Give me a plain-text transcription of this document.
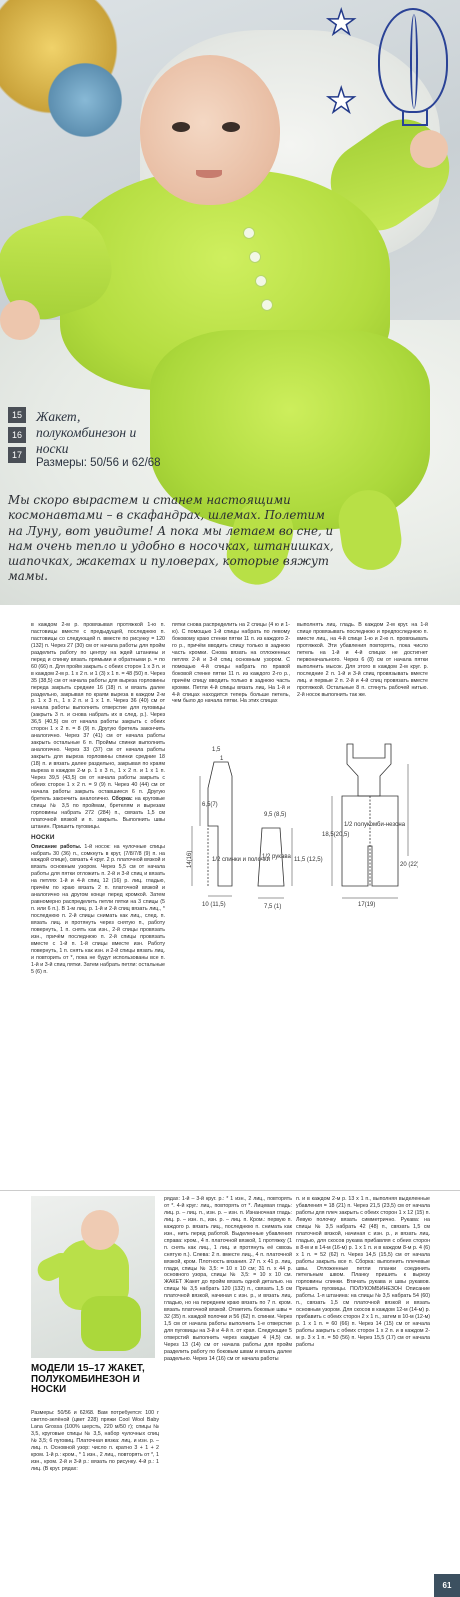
★
★
15
16
17
Жакет, полукомбинезон и носки
Размеры: 50/56 и 62/68
Мы скоро вырастем и станем настоящими космонавтами – в скафандрах, шлемах. Полетим на Луну, вот увидите! А пока мы летаем во сне, и нам очень тепло и удобно в носочках, штанишках, шапочках, жакетах и пуловерах, которые вяжут мамы.
в каждом 2-м р. провязывая протяжкой 1-ю п. пастовицы вместе с предыдущей, последнюю п. пастовицы со следующей п. вместе по рисунку = 120 (132) п. Через 27 (30) см от начала работы для пройм разделить работу по центру на ждей штанины и перед и спинку вязать прямыми и обратными р. = по 60 (66) п. Для пройм закрыть с обеих сторон 1 х 3 п. и в каждом 2-м р. 1 х 2 п. и 1 (3) х 1 п. = 48 (50) п. Через 35 (38,5) см от начала работы для выреза горловины переда закрыть средние 16 (18) п. и вязать далее раздельно, закрывая по краям выреза в каждом 2-м р. 1 х 3 п., 1 х 2 п. и 1 х 1 п. Через 36 (40) см от начала работы выполнить отверстие для пуговицы (закрыть 3 п. и снова набрать их в след. р.). Через 36,5 (40,5) см от начала работы закрыть с обеих сторон 1 х 2 п. = 8 (9) п. Другую бретель закончить аналогично. Через 37 (41) см от начала работы закрыть остальные 6 п. Проймы спинки выполнить аналогично. Через 33 (37) см от начала работы закрыть для выреза горловины спинки средние 18 (18) п. и вязать далее раздельно, закрывая по краям выреза в каждом 2-м р. 1 х 3 п., 1 х 2 п. и 1 х 1 п. Через 39,5 (43,5) см от начала работы закрыть с обеих сторон 1 х 2 п. = 9 (9) п. Через 40 (44) см от начала работы закрыть оставшиеся 6 п. Другую бретель закончить аналогично. Сборка: на круговые спицы № 3,5 по проймам, бретелям и вырезам горловины набрать 272 (284) п., связать 1,5 см платочной вязкой и п. закрыть. Выполнить швы штанин. Пришить пуговицы.
НОСКИ
Описание работы. 1-й носок: на чулочные спицы набрать 30 (36) п., сомкнуть в круг, (7/8/7/8 (9) п. на каждой спице), связать 4 круг. 2 р. платочной вязкой и вязать основным узором. Через 5,5 см от начала работы для пятки отложить п. 2-й и 3-й спиц и вязать на петлях 1-й и 4-й спиц 12 (16) р. лиц. гладью, причём по краю вязать 2 п. платочной вязкой и аналогично на другом конце перед кромкой. Затем равномерно распределить петли пятки на 3 спицы (5 п. или 6 п.). В 1-м лиц. р. 1-й и 2-й спиц вязать лиц., * последнюю п. 2-й спицы снимать как лиц., след. п. вязать лиц. и протянуть через снятую п., работу повернуть, 1 п. снять как изн., 2-й спицы провязать изн., причём последнюю п. 2-й спицы провязать вместе с 1-й п. 1-й спицы вместе изн. Работу повернуть, 1 п. снять как изн. и 2-й спицы вязать лиц. и повторить от *, пока не будут использованы все п. 1-й и 3-й спиц пятки. Затем набрать петли: остальные 5 (6) п.
пятки снова распределить на 2 спицы (4 ю и 1-ю). С помощью 1-й спицы набрать по левому боковому краю стенки пятки 11 п. из каждого 2-го р., причём вводить спицу только в заднюю часть кромки. Снова вязать на отложенных петлях 2-й и 3-й спиц основным узором. С помощью 4-й спицы набрать по правой боковой стенке пятки 11 п. из каждого 2-го р., причём спицу вводить только в заднюю часть кромки. Петли 4-й спицы вязать лиц. На 1-й и 4-й спицах находится теперь больше петель, чем было до начала пятки. На этих спицах
выполнять лиц. гладь. В каждом 2-м круг. на 1-й спице провязывать последнюю и предпоследнюю п. вместе лиц., на 4-й спице 1-ю и 2-ю п. провязывать протяжкой. Эти убавления повторять, пока число петель на 1-й и 4-й спицах не достигнет первоначального. Через 6 (8) см от начала пятки выполнить мысок. Для этого в каждом 2-м круг. р. последние 2 п. 1-й и 3-й спиц провязывать вместе лиц. и первые 2 п. 2-й и 4-й спиц провязать вместе протяжкой. Остальные 8 п. стянуть рабочей нитью. 2-й носок выполнить так же.
14(16)
6,5(7)
1
10 (11,5)
1,5
1/2 спинки и полочки
9,5 (8,5)
1/2 рукава
7,5 (1)
11,5 (12,5)
1/2 полукомби-незона
17(19)
18,5(20,5)
20 (22)
МОДЕЛИ 15–17 ЖАКЕТ, ПОЛУКОМБИНЕЗОН И НОСКИ
Размеры: 50/56 и 62/68. Вам потребуется: 100 г светло-зелёной (цвет 228) пряжи Cool Wool Baby Lana Grossa (100% шерсть, 220 м/50 г); спицы № 3,5, круговые спицы № 3,5, набор чулочных спиц № 3,5; 6 пуговиц. Платочная вязка: лиц. и изн. р. – лиц. п. Основной узор: число п. кратно 3 + 1 + 2 кром. 1-й р.: кром., * 1 изн., 2 лиц., повторять от *, 1 изн., кром. 2-й и 3-й р.: вязать по рисунку. 4-й р.: 1 лиц. (В круг. рядах:
рядах: 1-й – 3-й круг. р.: * 1 изн., 2 лиц., повторять от *. 4-й круг.: лиц., повторять от *. Лицевая гладь: лиц. р. – лиц. п., изн. р. – изн. п. Изнаночная гладь: лиц. р. – изн. п., изн. р. – лиц. п. Кром.: первую п. каждого р. вязать лиц., последнюю п. снимать как изн., нить перед работой. Выделенные убавления справа: кром., 4 п. платочной вязкой, 1 протяжку (1 п. снять как лиц., 1 лиц. и протянуть её сквозь снятую п.). Слева: 2 п. вместе лиц., 4 п. платочной вязкой, кром. Плотность вязания. 27 п. х 41 р. лиц. глади, спицы № 3,5: = 10 х 10 см; 31 п. х 44 р. основного узора, спицы № 3,5: = 10 х 10 см. ЖАКЕТ Жакет до пройм вязать одной деталью. на спицы № 3,5 набрать 120 (132) п., связать 1,5 см платочной вязкой, начиная с изн. р., и вязать лиц. гладью, но на переднем краю вязать по 7 п. кром. вязать платочной вязкой. Отметить боковые швы = 32 (35) п. каждой полочки и 56 (62) п. спинки. Через 1,5 см от начала работы выполнить 1-е отверстие для пуговицы на 3-й и 4-й п. от края. Следующие 5 отверстий выполнить через каждые 4 (4,5) см. Через 13 (14) см от начала работы для пройм разделить работу по боковым швам и вязать далее раздельно. Через 14 (16) см от начала работы
п. и в каждом 2-м р. 13 х 1 п., выполняя выделенные убавления = 18 (21) п. Через 21,5 (23,5) см от начала работы для плеч закрыть с обеих сторон 1 х 12 (15) п. Левую полочку вязать симметрично. Рукава: на спицы № 3,5 набрать 42 (48) п., связать 1,5 см платочной вязкой, начиная с изн. р., и вязать лиц. гладью, для скосов рукава прибавляя с обеих сторон в 8-м и в 14-м (16-м) р. 1 х 1 п. и в каждом 8-м р. 4 (6) х 1 п. = 52 (62) п. Через 14,5 (15,5) см от начала работы закрыть все п. Сборка: выполнить плечевые швы. Отложенные петли планки соединить петельным швом. Планку пришить к вырезу горловины спинки. Втачать рукава и швы рукавов. Пришить пуговицы. ПОЛУКОМБИНЕЗОН Описание работы. 1-я штанина: на спицы № 3,5 набрать 54 (60) п., связать 1,5 см платочной вязкой и вязать основным узором. Для скосов в каждом 12-м (14-м) р. прибавить с обеих сторон 2 х 1 п., затем в 10-м (12-м) р. 1 х 1 п. = 60 (66) п. Через 14 (15) см от начала работы закрыть с обеих сторон 1 х 2 п. и в каждом 2-м р. 3 х 1 п. = 50 (56) п. Через 15,5 (17) см от начала работы
61
